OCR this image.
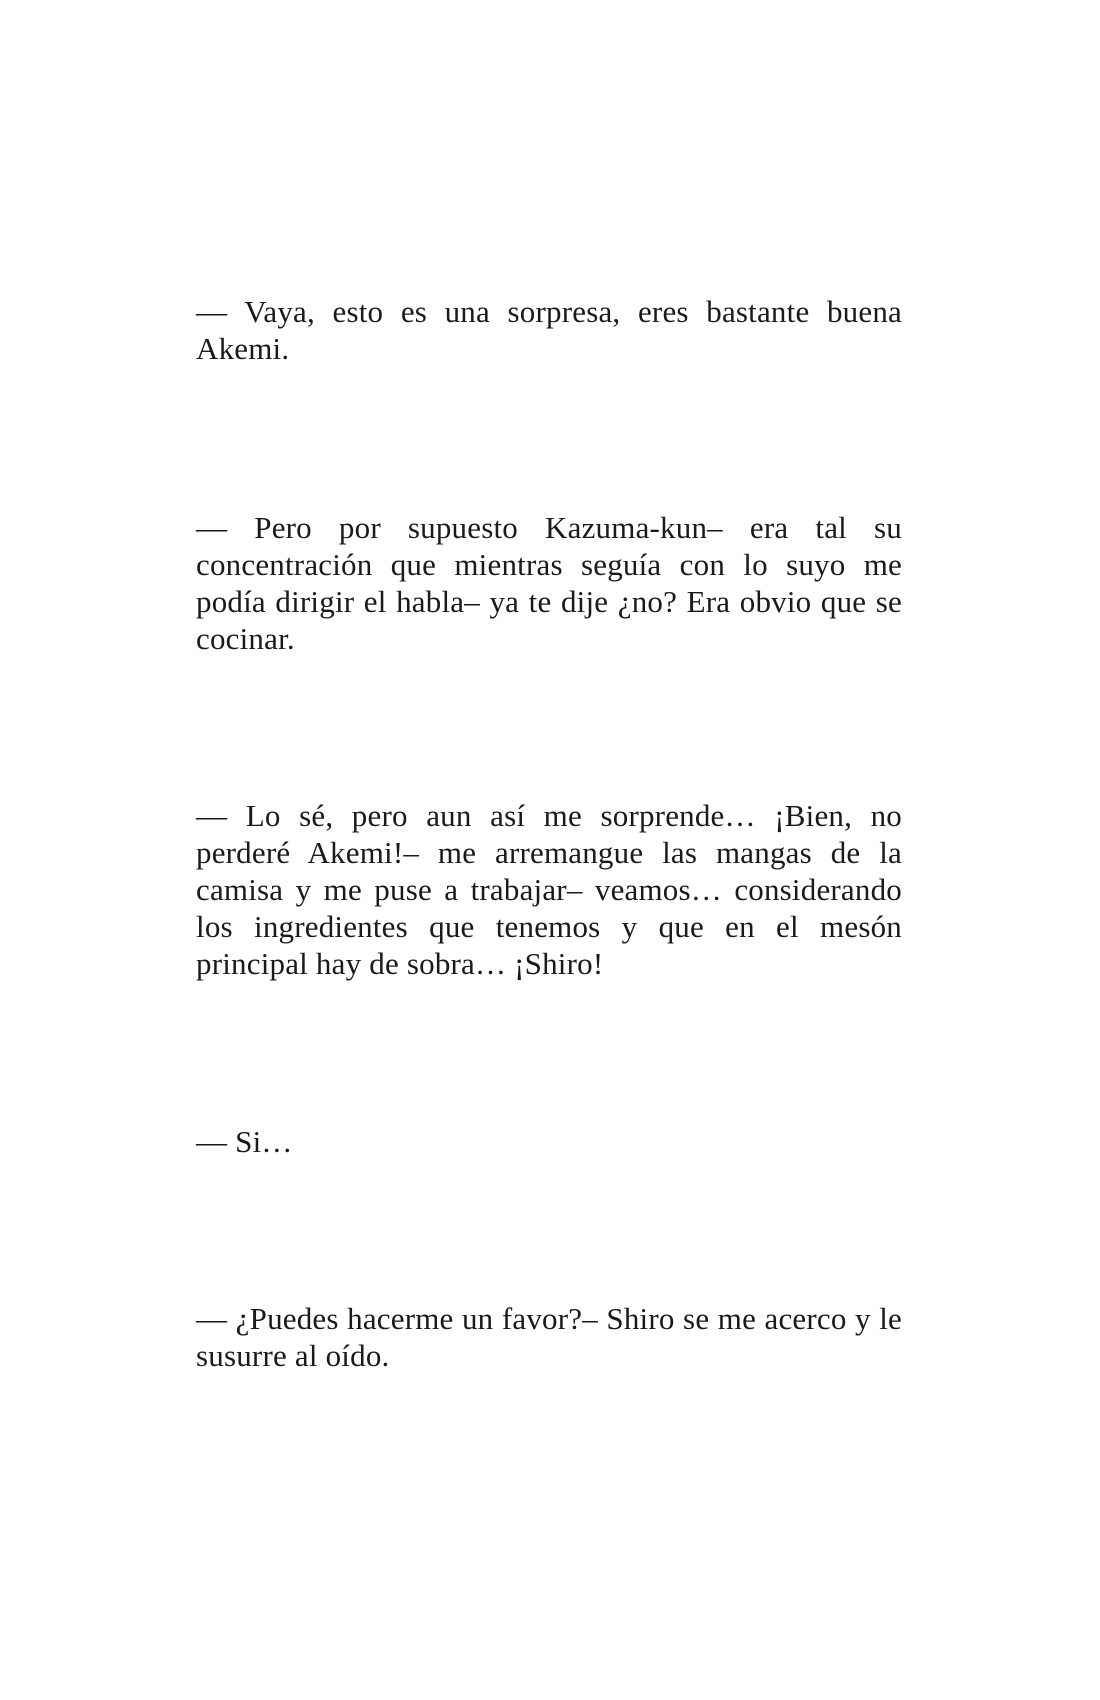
— Vaya, esto es una sorpresa, eres bastante buena Akemi.

— Pero por supuesto Kazuma-kun– era tal su concentración que mientras seguía con lo suyo me podía dirigir el habla– ya te dije ¿no? Era obvio que se cocinar.

— Lo sé, pero aun así me sorprende… ¡Bien, no perderé Akemi!– me arremangue las mangas de la camisa y me puse a trabajar– veamos… considerando los ingredientes que tenemos y que en el mesón principal hay de sobra… ¡Shiro!

— Si…

— ¿Puedes hacerme un favor?– Shiro se me acerco y le susurre al oído.
